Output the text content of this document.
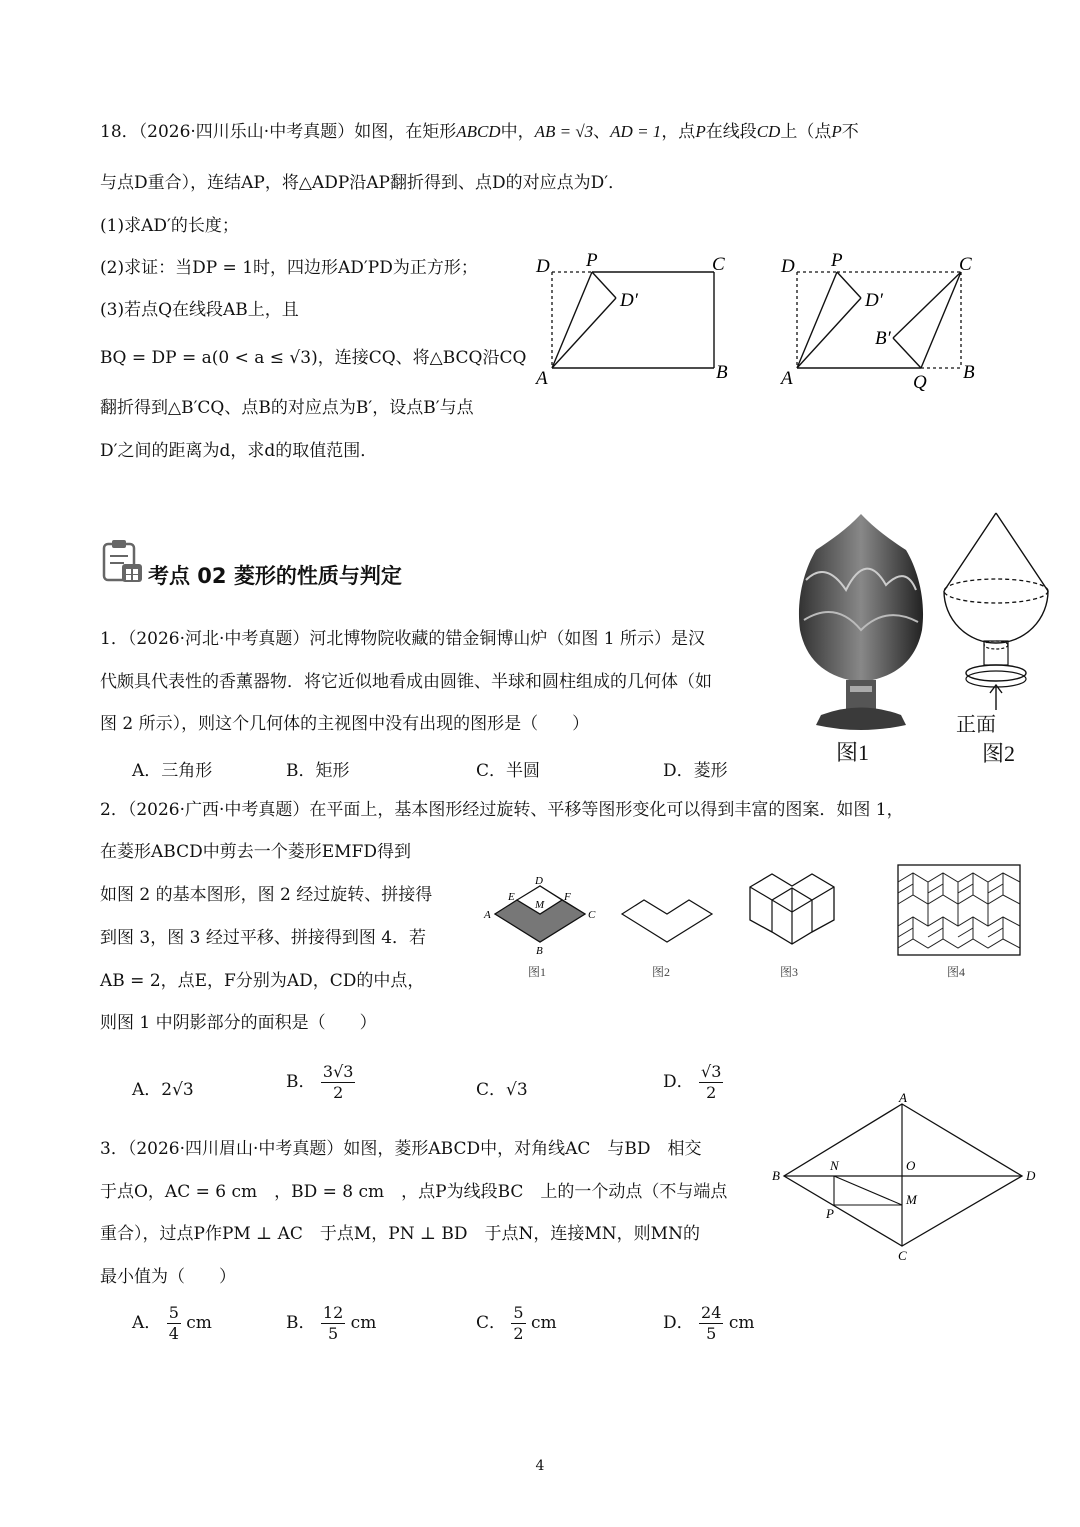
18．（2026·四川乐山·中考真题）如图，在矩形ABCD中，AB = √3、AD = 1，点P在线段CD上（点P不
与点D重合），连结AP，将△ADP沿AP翻折得到、点D的对应点为D′．
(1)求AD′的长度；
(2)求证：当DP = 1时，四边形AD′PD为正方形；
(3)若点Q在线段AB上，且
BQ = DP = a(0 < a ≤ √3)，连接CQ、将△BCQ沿CQ
翻折得到△B′CQ、点B的对应点为B′，设点B′与点
D′之间的距离为d，求d的取值范围．
D P	C
D′
A	B
D P	C
D′
B′
A	Q B
考点 02 菱形的性质与判定
图1
正面
图2
1．（2026·河北·中考真题）河北博物院收藏的错金铜博山炉（如图 1 所示）是汉
代颇具代表性的香薰器物．将它近似地看成由圆锥、半球和圆柱组成的几何体（如
图 2 所示），则这个几何体的主视图中没有出现的图形是（　　）
A．三角形	B．矩形	C．半圆	D．菱形
2．（2026·广西·中考真题）在平面上，基本图形经过旋转、平移等图形变化可以得到丰富的图案．如图 1，
在菱形ABCD中剪去一个菱形EMFD得到
如图 2 的基本图形，图 2 经过旋转、拼接得
到图 3，图 3 经过平移、拼接得到图 4．若
AB = 2，点E，F分别为AD，CD的中点，
则图 1 中阴影部分的面积是（　　）
D
E	F
M
A	C
B
图1	图2	图3	图4
A．2√3	B． $\frac{3√3}{2}$	C．√3	D． $\frac{√3}{2}$
3．（2026·四川眉山·中考真题）如图，菱形ABCD中，对角线AC　与BD　相交
于点O，AC = 6 cm　，BD = 8 cm　，点P为线段BC　上的一个动点（不与端点
重合），过点P作PM ⊥ AC　于点M，PN ⊥ BD　于点N，连接MN，则MN的
最小值为（　　）
A
B	D
C
O
N
M
P
A． $\frac{5}{4}$ cm	B． $\frac{12}{5}$ cm	C． $\frac{5}{2}$ cm	D． $\frac{24}{5}$ cm
4
